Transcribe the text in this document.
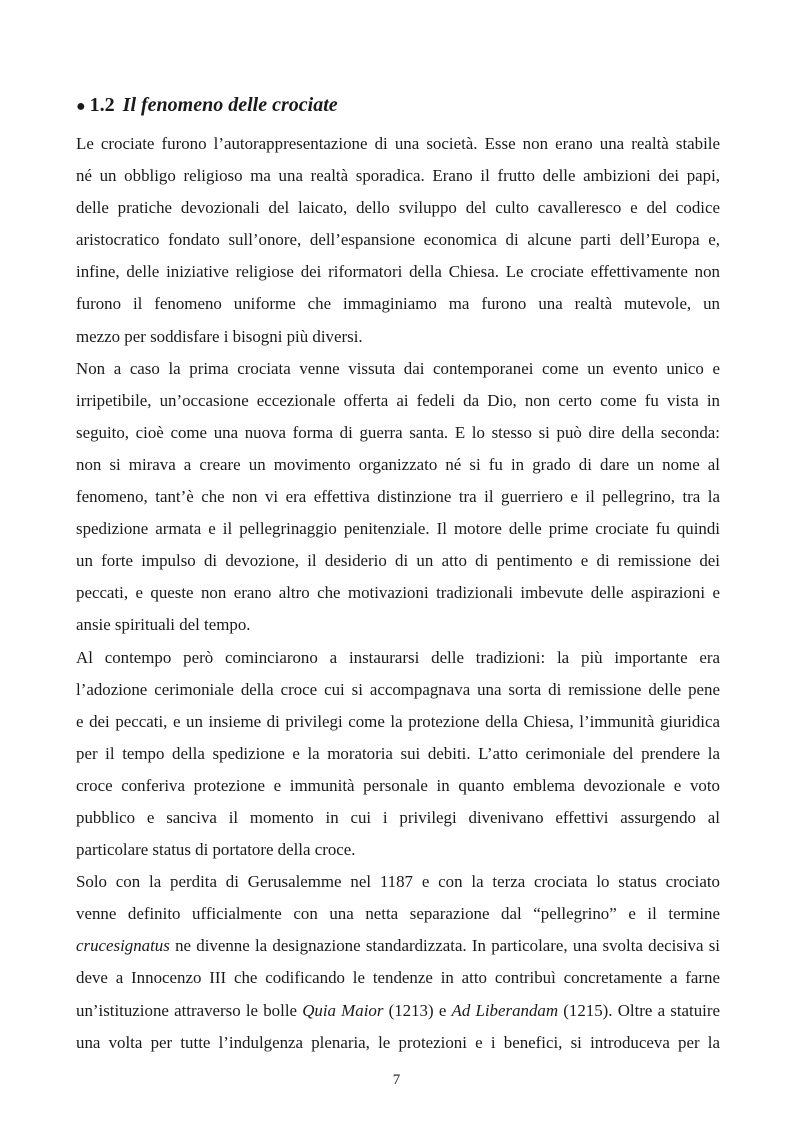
● 1.2 Il fenomeno delle crociate

Le crociate furono l’autorappresentazione di una società. Esse non erano una realtà stabile
né un obbligo religioso ma una realtà sporadica. Erano il frutto delle ambizioni dei papi,
delle pratiche devozionali del laicato, dello sviluppo del culto cavalleresco e del codice
aristocratico fondato sull’onore, dell’espansione economica di alcune parti dell’Europa e,
infine, delle iniziative religiose dei riformatori della Chiesa. Le crociate effettivamente non
furono il fenomeno uniforme che immaginiamo ma furono una realtà mutevole, un
mezzo per soddisfare i bisogni più diversi.

Non a caso la prima crociata venne vissuta dai contemporanei come un evento unico e
irripetibile, un’occasione eccezionale offerta ai fedeli da Dio, non certo come fu vista in
seguito, cioè come una nuova forma di guerra santa. E lo stesso si può dire della seconda:
non si mirava a creare un movimento organizzato né si fu in grado di dare un nome al
fenomeno, tant’è che non vi era effettiva distinzione tra il guerriero e il pellegrino, tra la
spedizione armata e il pellegrinaggio penitenziale. Il motore delle prime crociate fu quindi
un forte impulso di devozione, il desiderio di un atto di pentimento e di remissione dei
peccati, e queste non erano altro che motivazioni tradizionali imbevute delle aspirazioni e
ansie spirituali del tempo.

Al contempo però cominciarono a instaurarsi delle tradizioni: la più importante era
l’adozione cerimoniale della croce cui si accompagnava una sorta di remissione delle pene
e dei peccati, e un insieme di privilegi come la protezione della Chiesa, l’immunità giuridica
per il tempo della spedizione e la moratoria sui debiti. L’atto cerimoniale del prendere la
croce conferiva protezione e immunità personale in quanto emblema devozionale e voto
pubblico e sanciva il momento in cui i privilegi divenivano effettivi assurgendo al
particolare status di portatore della croce.

Solo con la perdita di Gerusalemme nel 1187 e con la terza crociata lo status crociato
venne definito ufficialmente con una netta separazione dal “pellegrino” e il termine
crucesignatus ne divenne la designazione standardizzata. In particolare, una svolta decisiva si
deve a Innocenzo III che codificando le tendenze in atto contribuì concretamente a farne
un’istituzione attraverso le bolle Quia Maior (1213) e Ad Liberandam (1215). Oltre a statuire
una volta per tutte l’indulgenza plenaria, le protezioni e i benefici, si introduceva per la

7
